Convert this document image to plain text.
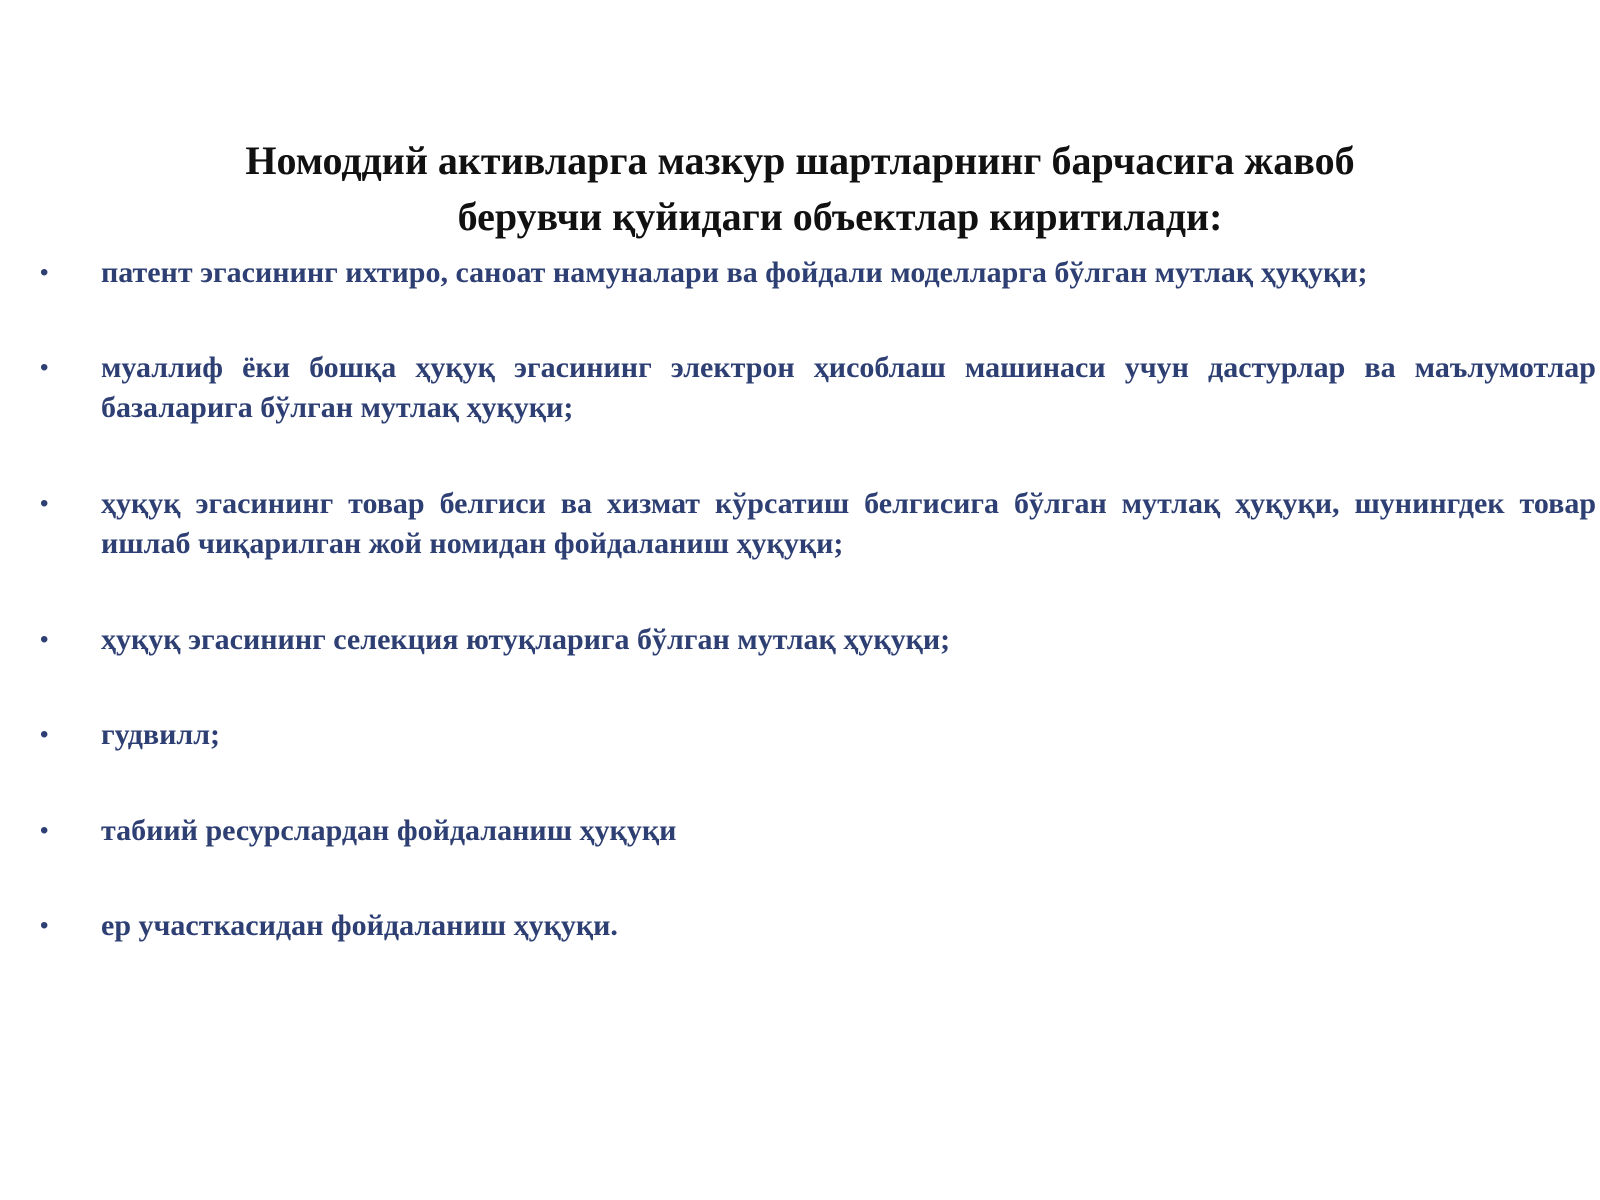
Номоддий активларга мазкур шартларнинг барчасига жавоб
берувчи қуйидаги объектлар киритилади:
• патент эгасининг ихтиро, саноат намуналари ва фойдали моделларга бўлган мутлақ ҳуқуқи;
• муаллиф ёки бошқа ҳуқуқ эгасининг электрон ҳисоблаш машинаси учун дастурлар ва маълумотлар базаларига бўлган мутлақ ҳуқуқи;
• ҳуқуқ эгасининг товар белгиси ва хизмат кўрсатиш белгисига бўлган мутлақ ҳуқуқи, шунингдек товар ишлаб чиқарилган жой номидан фойдаланиш ҳуқуқи;
• ҳуқуқ эгасининг селекция ютуқларига бўлган мутлақ ҳуқуқи;
• гудвилл;
• табиий ресурслардан фойдаланиш ҳуқуқи
• ер участкасидан фойдаланиш ҳуқуқи.
